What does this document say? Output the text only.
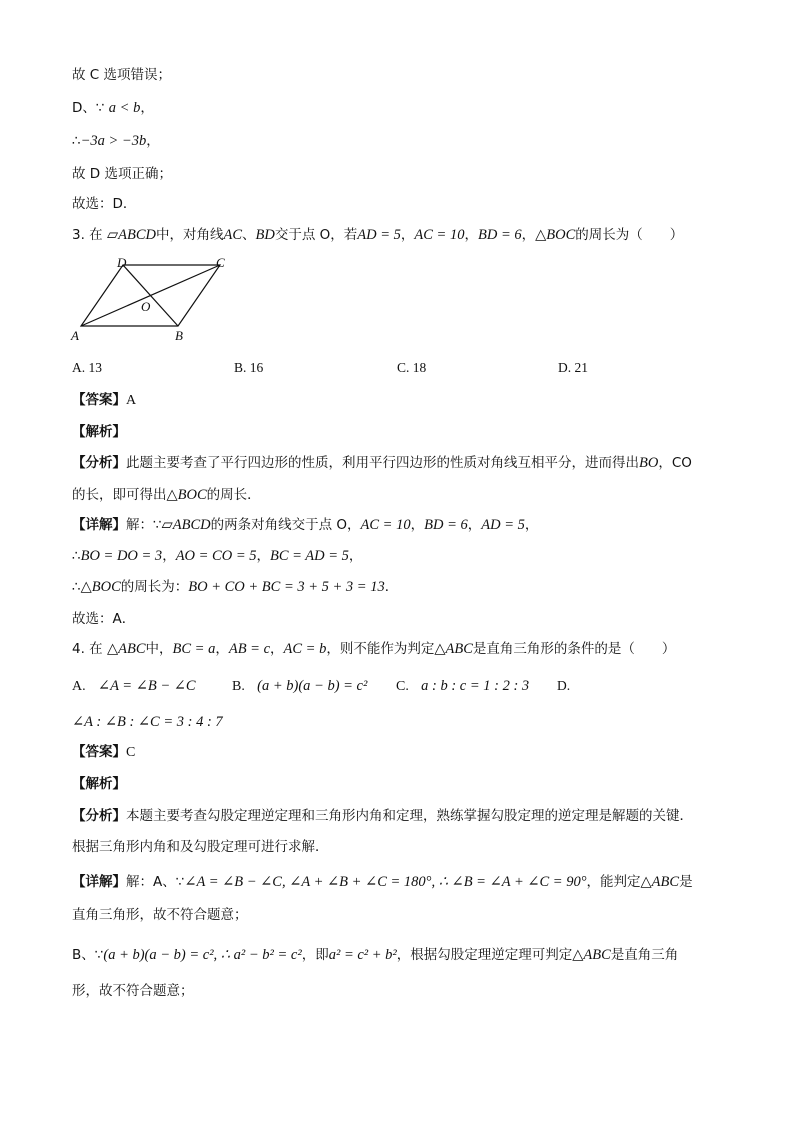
故 C 选项错误；
D、∵ a < b，
∴−3a > −3b，
故 D 选项正确；
故选：D．
3. 在 ▱ABCD中，对角线AC、BD交于点 O，若AD = 5，AC = 10，BD = 6，△BOC的周长为（　　）
A	B
C
D
O
A. 13	B. 16	C. 18	D. 21
【答案】A
【解析】
【分析】此题主要考查了平行四边形的性质，利用平行四边形的性质对角线互相平分，进而得出BO，CO
的长，即可得出△BOC的周长．
【详解】解：∵▱ABCD的两条对角线交于点 O，AC = 10，BD = 6，AD = 5，
∴BO = DO = 3，AO = CO = 5，BC = AD = 5，
∴△BOC的周长为：BO + CO + BC = 3 + 5 + 3 = 13．
故选：A．
4. 在 △ABC中，BC = a，AB = c，AC = b，则不能作为判定△ABC是直角三角形的条件的是（　　）
A. ∠A = ∠B − ∠C	B. (a + b)(a − b) = c² C. a : b : c = 1 : 2 : 3 D.
∠A : ∠B : ∠C = 3 : 4 : 7
【答案】C
【解析】
【分析】本题主要考查勾股定理逆定理和三角形内角和定理，熟练掌握勾股定理的逆定理是解题的关键．
根据三角形内角和及勾股定理可进行求解．
【详解】解：A、∵∠A = ∠B − ∠C, ∠A + ∠B + ∠C = 180°, ∴ ∠B = ∠A + ∠C = 90°，能判定△ABC是
直角三角形，故不符合题意；
B、∵(a + b)(a − b) = c², ∴ a² − b² = c²，即a² = c² + b²，根据勾股定理逆定理可判定△ABC是直角三角
形，故不符合题意；
